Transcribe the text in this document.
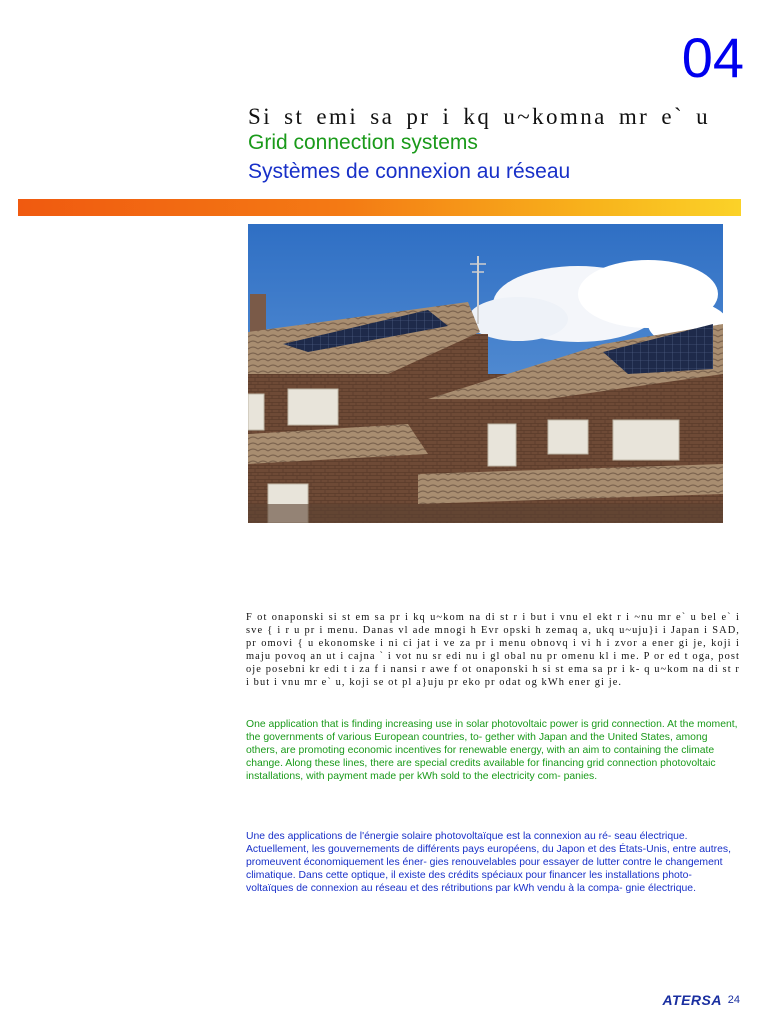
04
Si st emi sa pr i kq u~komna mr e` u
Grid connection systems
Systèmes de connexion au réseau

F ot onaponski si st em sa pr i kq u~kom na di st r i but i vnu el ekt r i ~nu mr e` u bel e` i sve { i r u pr i menu. Danas vl ade mnogi h Evr opski h zemaq a, ukq u~uju}i i Japan i SAD, pr omovi { u ekonomske i ni ci jat i ve za pr i menu obnovq i vi h i zvor a ener gi je, koji i maju povoq an ut i cajna ` i vot nu sr edi nu i gl obal nu pr omenu kl i me. P or ed t oga, post oje posebni kr edi t i za f i nansi r awe f ot onaponski h si st ema sa pr i k- q u~kom na di st r i but i vnu mr e` u, koji se ot pl a}uju pr eko pr odat og kWh ener gi je.

One application that is finding increasing use in solar photovoltaic power is grid connection. At the moment, the governments of various European countries, to- gether with Japan and the United States, among others, are promoting economic incentives for renewable energy, with an aim to containing the climate change. Along these lines, there are special credits available for financing grid connection photovoltaic installations, with payment made per kWh sold to the electricity com- panies.

Une des applications de l'énergie solaire photovoltaïque est la connexion au ré- seau électrique. Actuellement, les gouvernements de différents pays européens, du Japon et des États-Unis, entre autres, promeuvent économiquement les éner- gies renouvelables pour essayer de lutter contre le changement climatique. Dans cette optique, il existe des crédits spéciaux pour financer les installations photo- voltaïques de connexion au réseau et des rétributions par kWh vendu à la compa- gnie électrique.

ATERSA 24
